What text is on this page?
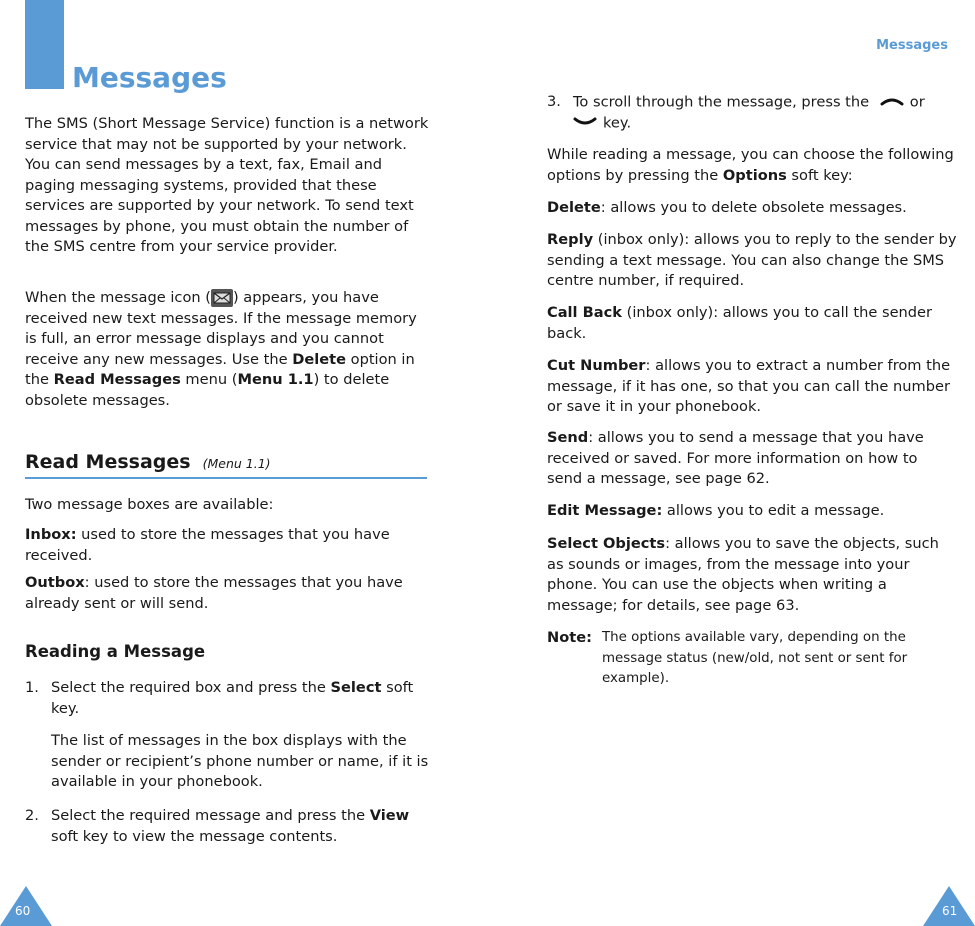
Messages
The SMS (Short Message Service) function is a network service that may not be supported by your network. You can send messages by a text, fax, Email and paging messaging systems, provided that these services are supported by your network. To send text messages by phone, you must obtain the number of the SMS centre from your service provider.
When the message icon ( ) appears, you have received new text messages. If the message memory is full, an error message displays and you cannot receive any new messages. Use the Delete option in the Read Messages menu (Menu 1.1) to delete obsolete messages.
Read Messages (Menu 1.1)
Two message boxes are available:
Inbox: used to store the messages that you have received.
Outbox: used to store the messages that you have already sent or will send.
Reading a Message
1. Select the required box and press the Select soft key.
The list of messages in the box displays with the sender or recipient’s phone number or name, if it is available in your phonebook.
2. Select the required message and press the View soft key to view the message contents.
60
Messages
3. To scroll through the message, press the	or
key.
While reading a message, you can choose the following options by pressing the Options soft key:
Delete: allows you to delete obsolete messages.
Reply (inbox only): allows you to reply to the sender by sending a text message. You can also change the SMS centre number, if required.
Call Back (inbox only): allows you to call the sender back.
Cut Number: allows you to extract a number from the message, if it has one, so that you can call the number or save it in your phonebook.
Send: allows you to send a message that you have received or saved. For more information on how to send a message, see page 62.
Edit Message: allows you to edit a message.
Select Objects: allows you to save the objects, such as sounds or images, from the message into your phone. You can use the objects when writing a message; for details, see page 63.
Note: The options available vary, depending on the message status (new/old, not sent or sent for example).
61
